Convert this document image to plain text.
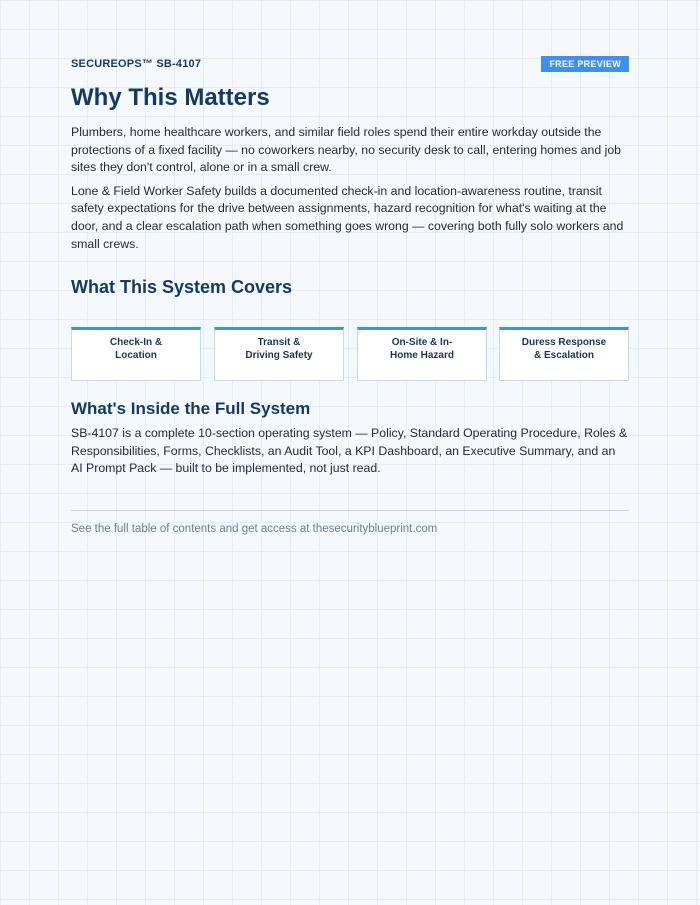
SECUREOPS™ SB-4107	FREE PREVIEW
Why This Matters

Plumbers, home healthcare workers, and similar field roles spend their entire workday outside the protections of a fixed facility — no coworkers nearby, no security desk to call, entering homes and job sites they don't control, alone or in a small crew.

Lone & Field Worker Safety builds a documented check-in and location-awareness routine, transit safety expectations for the drive between assignments, hazard recognition for what's waiting at the door, and a clear escalation path when something goes wrong — covering both fully solo workers and small crews.

What This System Covers
Check-In &
Location
Transit &
Driving Safety
On-Site & In-
Home Hazard
Duress Response
& Escalation
What's Inside the Full System

SB-4107 is a complete 10-section operating system — Policy, Standard Operating Procedure, Roles & Responsibilities, Forms, Checklists, an Audit Tool, a KPI Dashboard, an Executive Summary, and an AI Prompt Pack — built to be implemented, not just read.

See the full table of contents and get access at thesecurityblueprint.com
